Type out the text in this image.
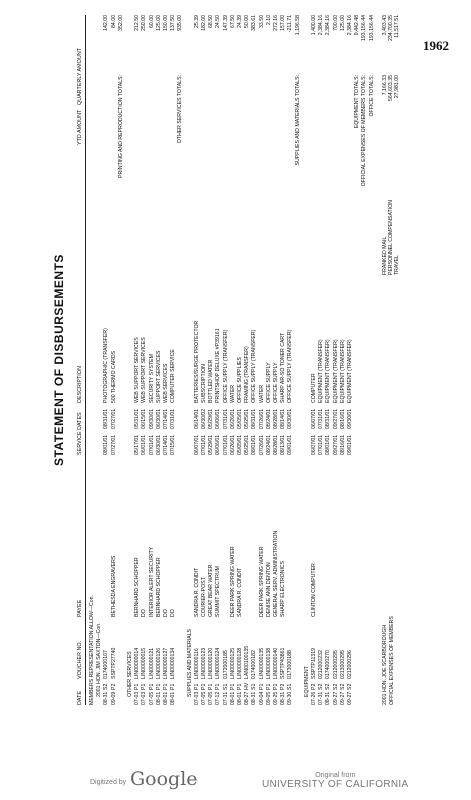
1962
DATE
VOUCHER NO.
PAYEE
SERVICE DATES
DESCRIPTION
YTD AMOUNT
QUARTERLY AMOUNT
STATEMENT OF DISBURSEMENTS
MEMBERS REPRESENTATION ALLOW—Con. 2001 HON. JIM SAXTON—Con.
08-31
S2
0174000107
08/01/01
08/31/01
PHOTOGRAPHIC (TRANSFER)
142.00
09-09
P2
SSPTP27740
BETHESDA ENGRAVERS
07/27/01
07/27/01
500 THERMO CARDS
84.00
PRINTING AND REPRODUCTION TOTALS:
352.00
OTHER SERVICES
07-03
P1
LIN00000014
BERNHARD SCHOPPER
05/17/01
05/31/01
WEB SUPPORT SERVICES
212.50
07-03
P1
LIN00000015
DO
06/01/01
06/15/01
WEB SUPPORT SERVICES
250.00
07-05
P1
LIN00000121
INTERIOR ALERT SECURITY
07/01/01
09/30/01
SECURITY SYSTEM
60.00
08-01
P1
LIN00000126
BERNHARD SCHOPPER
06/30/01
06/30/01
SUPPORT SERVICES
125.00
08-01
P1
LIN00000127
DO
07/14/01
07/14/01
WEB SERVICES
150.00
08-01
P1
LIN00000134
DO
07/15/01
07/31/01
COMPUTER SERVICE
137.50
OTHER SERVICES TOTALS:
935.00
SUPPLIES AND MATERIALS
07-03
P1
LIN00000116
SANDRA R. CONDIT
06/07/01
06/14/01
BATTERIES/SURGE PROTECTOR
25.39
07-05
P1
LIN00000123
COURIER-POST
07/01/01
06/30/02
SUBSCRIPTION
182.00
07-05
P1
LIN00000120
GREAT BEAR WATER
05/29/01
05/29/01
BOTTLED WATER
68.50
07-12
P1
LIN00000124
SUMMIT SPECTRUM
06/06/01
06/06/01
PRINTSHOP DELUXE #P39161
24.50
07-31
S1
0172000185
07/01/01
07/31/01
OFFICE SUPPLY (TRANSFER)
147.39
08-01
P1
LIN00000125
DEER PARK SPRING WATER
06/26/01
06/26/01
WATER
67.50
08-01
P1
LIN00000128
SANDRA R. CONDIT
05/05/01
05/05/01
OFFICE SUPPLIES
24.39
08-27
HV
LAN00100135
05/25/01
05/25/01
FRAMING (TRANSFER)
50.00
08-31
S1
0174000182
08/01/01
08/31/01
OFFICE SUPPLY (TRANSFER)
383.61
09-04
P1
LIN00000135
DEER PARK SPRING WATER
07/26/01
07/26/01
WATER
33.50
09-05
P1
LIN00000138
DENISE ANN DENTON
08/24/01
08/24/01
OFFICE SUPPLY
2.10
09-25
P1
LIN00000140
GENERAL SERV. ADMINISTRATION
08/28/01
08/28/01
OFFICE SUPPLY
272.16
08-31
P2
SSPTP43861
SHARP ELECTRONICS
08/13/01
08/14/01
SHARP AR-SO TONER CART
157.00
09-30
S1
0173000188
09/01/01
09/30/01
OFFICE SUPPLY (TRANSFER)
-211.71
SUPPLIES AND MATERIALS TOTALS:
1,196.58
EQUIPMENT
07-26
P2
SSPTP11319
CLINTON COMPUTER
06/07/01
06/07/01
COMPUTER
1,400.00
07-31
S2
0212000232
07/01/01
07/31/01
EQUIPMENT (TRANSFER)
2,384.16
08-31
S2
0174000270
08/01/01
08/31/01
EQUIPMENT (TRANSFER)
2,384.16
09-27
S2
0212000295
09/27/01
09/27/01
EQUIPMENT (TRANSFER)
700.00
09-27
S2
0213000295
08/16/01
08/16/01
EQUIPMENT (TRANSFER)
125.00
09-27
S2
0212000296
09/01/01
09/30/01
EQUIPMENT (TRANSFER)
2,384.16
EQUIPMENT TOTALS:
9,442.48
OFFICIAL EXPENSES OF MEMBERS TOTALS:
193,156.44
OFFICE TOTALS:
193,156.44
2001 HON. JOE SCARBOROUGH OFFICIAL EXPENSES OF MEMBERS
FRANKED MAIL
7,166.33
3,403.43
PERSONNEL COMPENSATION
564,603.35
234,700.35
TRAVEL
27,981.00
11,517.51
Digitized by Google	Original from
UNIVERSITY OF CALIFORNIA
